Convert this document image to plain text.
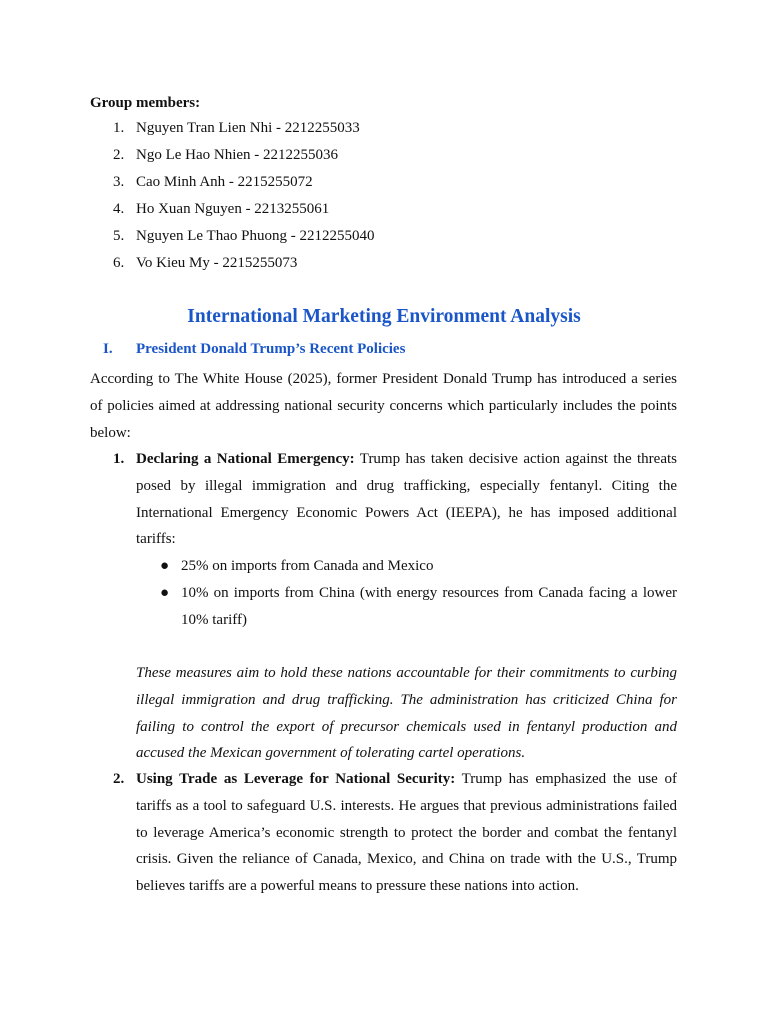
Group members:
1. Nguyen Tran Lien Nhi - 2212255033
2. Ngo Le Hao Nhien - 2212255036
3. Cao Minh Anh - 2215255072
4. Ho Xuan Nguyen - 2213255061
5. Nguyen Le Thao Phuong - 2212255040
6. Vo Kieu My - 2215255073
International Marketing Environment Analysis
I. President Donald Trump’s Recent Policies
According to The White House (2025), former President Donald Trump has introduced a series of policies aimed at addressing national security concerns which particularly includes the points below:
1. Declaring a National Emergency: Trump has taken decisive action against the threats posed by illegal immigration and drug trafficking, especially fentanyl. Citing the International Emergency Economic Powers Act (IEEPA), he has imposed additional tariffs:
● 25% on imports from Canada and Mexico
● 10% on imports from China (with energy resources from Canada facing a lower 10% tariff)
These measures aim to hold these nations accountable for their commitments to curbing illegal immigration and drug trafficking. The administration has criticized China for failing to control the export of precursor chemicals used in fentanyl production and accused the Mexican government of tolerating cartel operations.
2. Using Trade as Leverage for National Security: Trump has emphasized the use of tariffs as a tool to safeguard U.S. interests. He argues that previous administrations failed to leverage America’s economic strength to protect the border and combat the fentanyl crisis. Given the reliance of Canada, Mexico, and China on trade with the U.S., Trump believes tariffs are a powerful means to pressure these nations into action.
